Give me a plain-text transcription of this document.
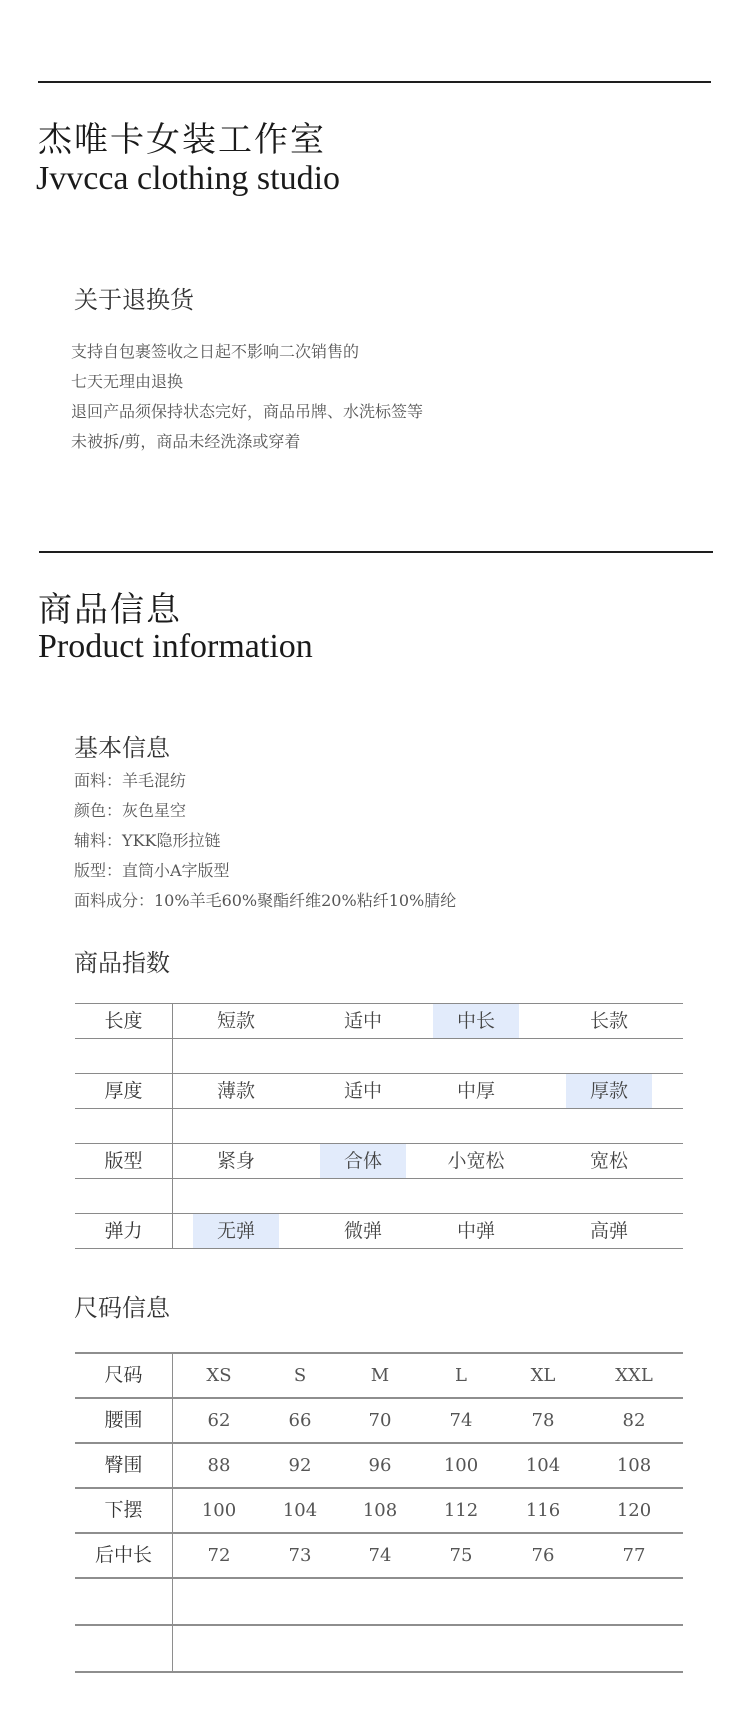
杰唯卡女装工作室
Jvvcca clothing studio
关于退换货
支持自包裹签收之日起不影响二次销售的
七天无理由退换
退回产品须保持状态完好，商品吊牌、水洗标签等
未被拆/剪，商品未经洗涤或穿着
商品信息
Product information
基本信息
面料：羊毛混纺
颜色：灰色星空
辅料：YKK隐形拉链
版型：直筒小A字版型
面料成分：10%羊毛60%聚酯纤维20%粘纤10%腈纶
商品指数
长度	短款	适中	中长	长款
厚度	薄款	适中	中厚	厚款
版型	紧身	合体	小宽松	宽松
弹力	无弹	微弹	中弹	高弹
尺码信息
尺码	XS	S	M	L	XL	XXL
腰围	62	66	70	74	78	82
臀围	88	92	96	100	104	108
下摆	100	104	108	112	116	120
后中长	72	73	74	75	76	77
